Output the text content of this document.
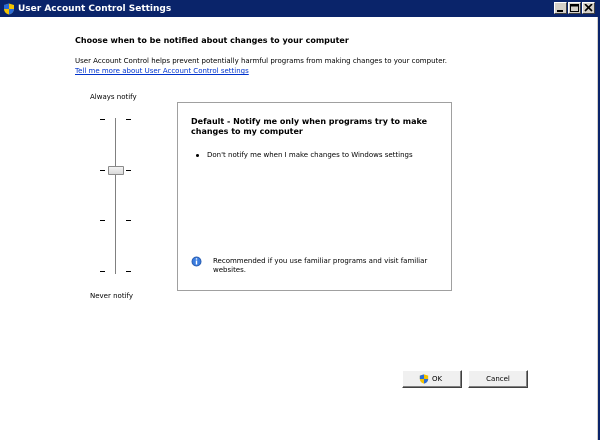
User Account Control Settings
Choose when to be notified about changes to your computer
User Account Control helps prevent potentially harmful programs from making changes to your computer.
Tell me more about User Account Control settings
Always notify
Never notify
Default - Notify me only when programs try to make changes to my computer
Don't notify me when I make changes to Windows settings
Recommended if you use familiar programs and visit familiar websites.
OK	Cancel
